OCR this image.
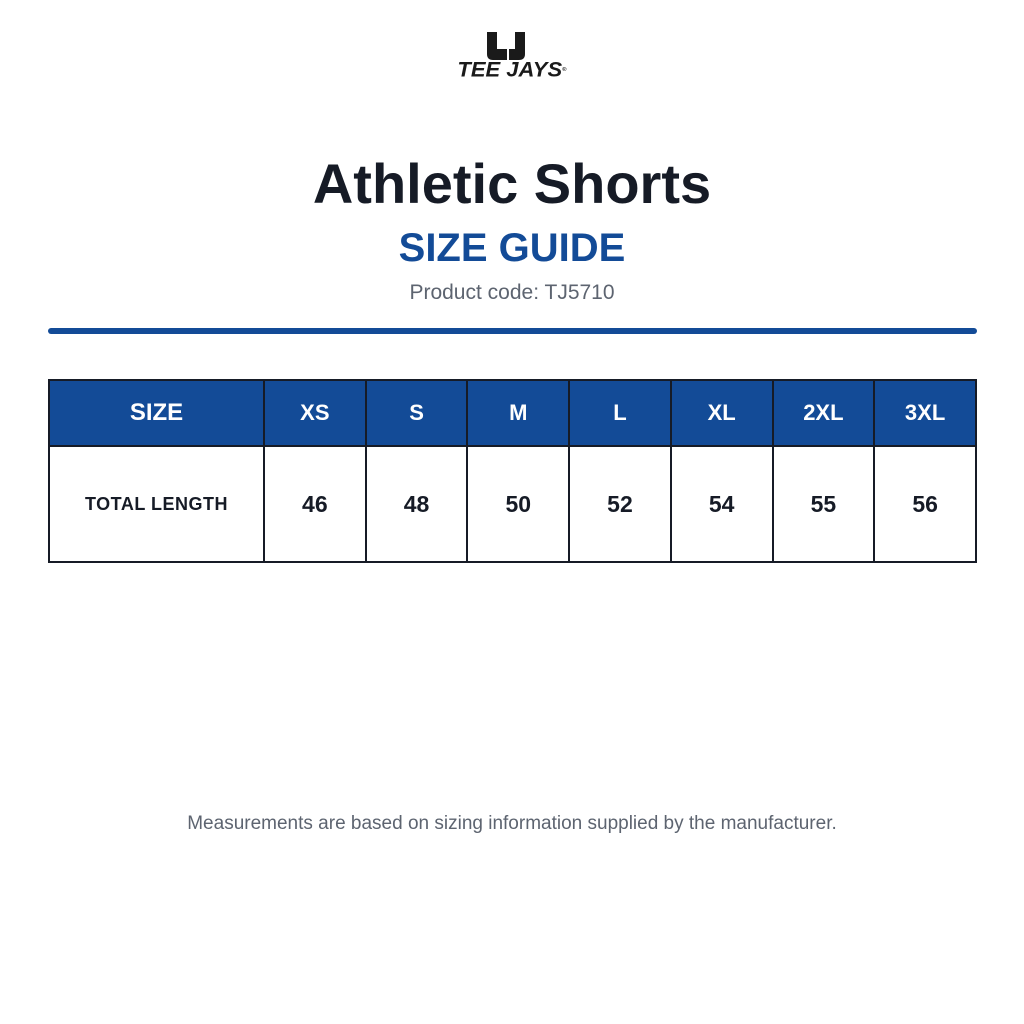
TEE JAYS®
Athletic Shorts
SIZE GUIDE
Product code: TJ5710
SIZE	XS	S	M	L	XL	2XL	3XL
TOTAL LENGTH	46	48	50	52	54	55	56
Measurements are based on sizing information supplied by the manufacturer.
